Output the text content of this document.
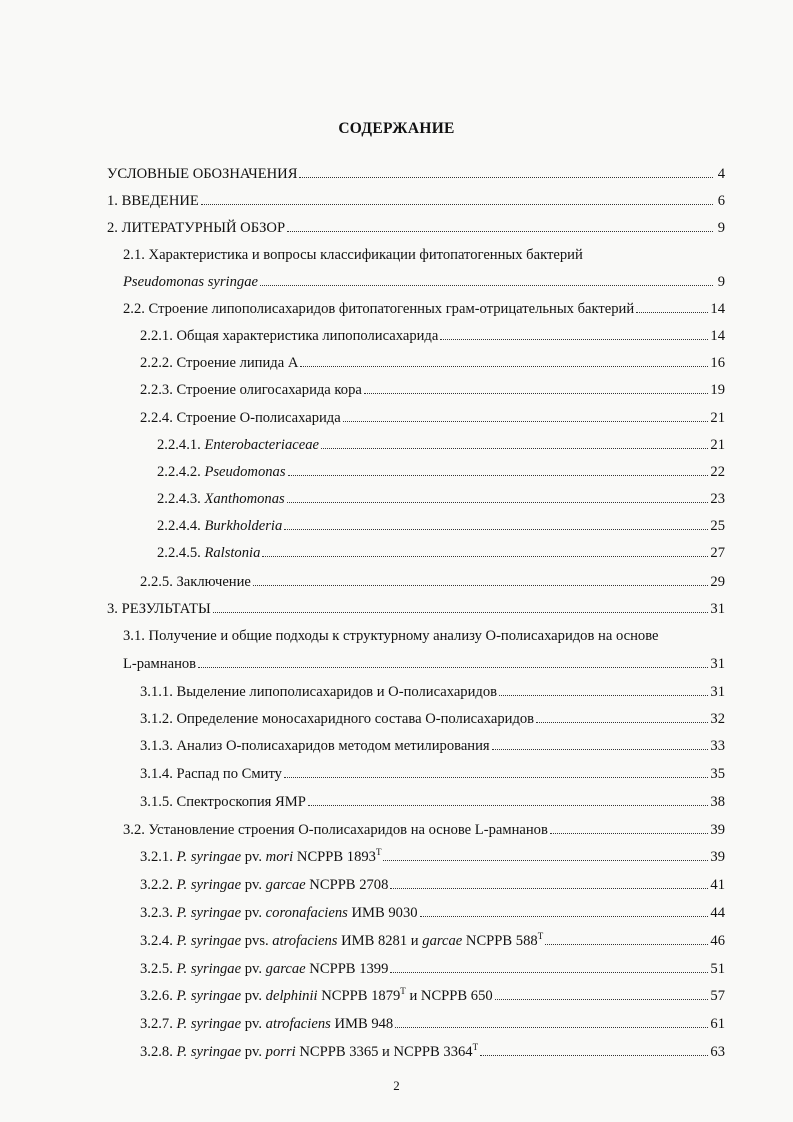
СОДЕРЖАНИЕ
УСЛОВНЫЕ ОБОЗНАЧЕНИЯ	4
1. ВВЕДЕНИЕ	6
2. ЛИТЕРАТУРНЫЙ ОБЗОР	9
2.1. Характеристика и вопросы классификации фитопатогенных бактерий
Pseudomonas syringae	9
2.2. Строение липополисахаридов фитопатогенных грам-отрицательных бактерий	14
2.2.1. Общая характеристика липополисахарида	14
2.2.2. Строение липида А	16
2.2.3. Строение олигосахарида кора	19
2.2.4. Строение О-полисахарида	21
2.2.4.1. Enterobacteriaceae	21
2.2.4.2. Pseudomonas	22
2.2.4.3. Xanthomonas	23
2.2.4.4. Burkholderia	25
2.2.4.5. Ralstonia	27
2.2.5. Заключение	29
3. РЕЗУЛЬТАТЫ	31
3.1. Получение и общие подходы к структурному анализу О-полисахаридов на основе
L-рамнанов	31
3.1.1. Выделение липополисахаридов и О-полисахаридов	31
3.1.2. Определение моносахаридного состава О-полисахаридов	32
3.1.3. Анализ О-полисахаридов методом метилирования	33
3.1.4. Распад по Смиту	35
3.1.5. Спектроскопия ЯМР	38
3.2. Установление строения О-полисахаридов на основе L-рамнанов	39
3.2.1. P. syringae pv. mori NCPPB $1893^T$	39
3.2.2. P. syringae pv. garcae NCPPB 2708	41
3.2.3. P. syringae pv. coronafaciens ИМВ 9030	44
3.2.4. P. syringae pvs. atrofaciens ИМВ 8281 и garcae NCPPB $588^T$	46
3.2.5. P. syringae pv. garcae NCPPB 1399	51
3.2.6. P. syringae pv. delphinii NCPPB $1879^T$ и NCPPB 650	57
3.2.7. P. syringae pv. atrofaciens ИМВ 948	61
3.2.8. P. syringae pv. porri NCPPB 3365 и NCPPB $3364^T$	63
2
